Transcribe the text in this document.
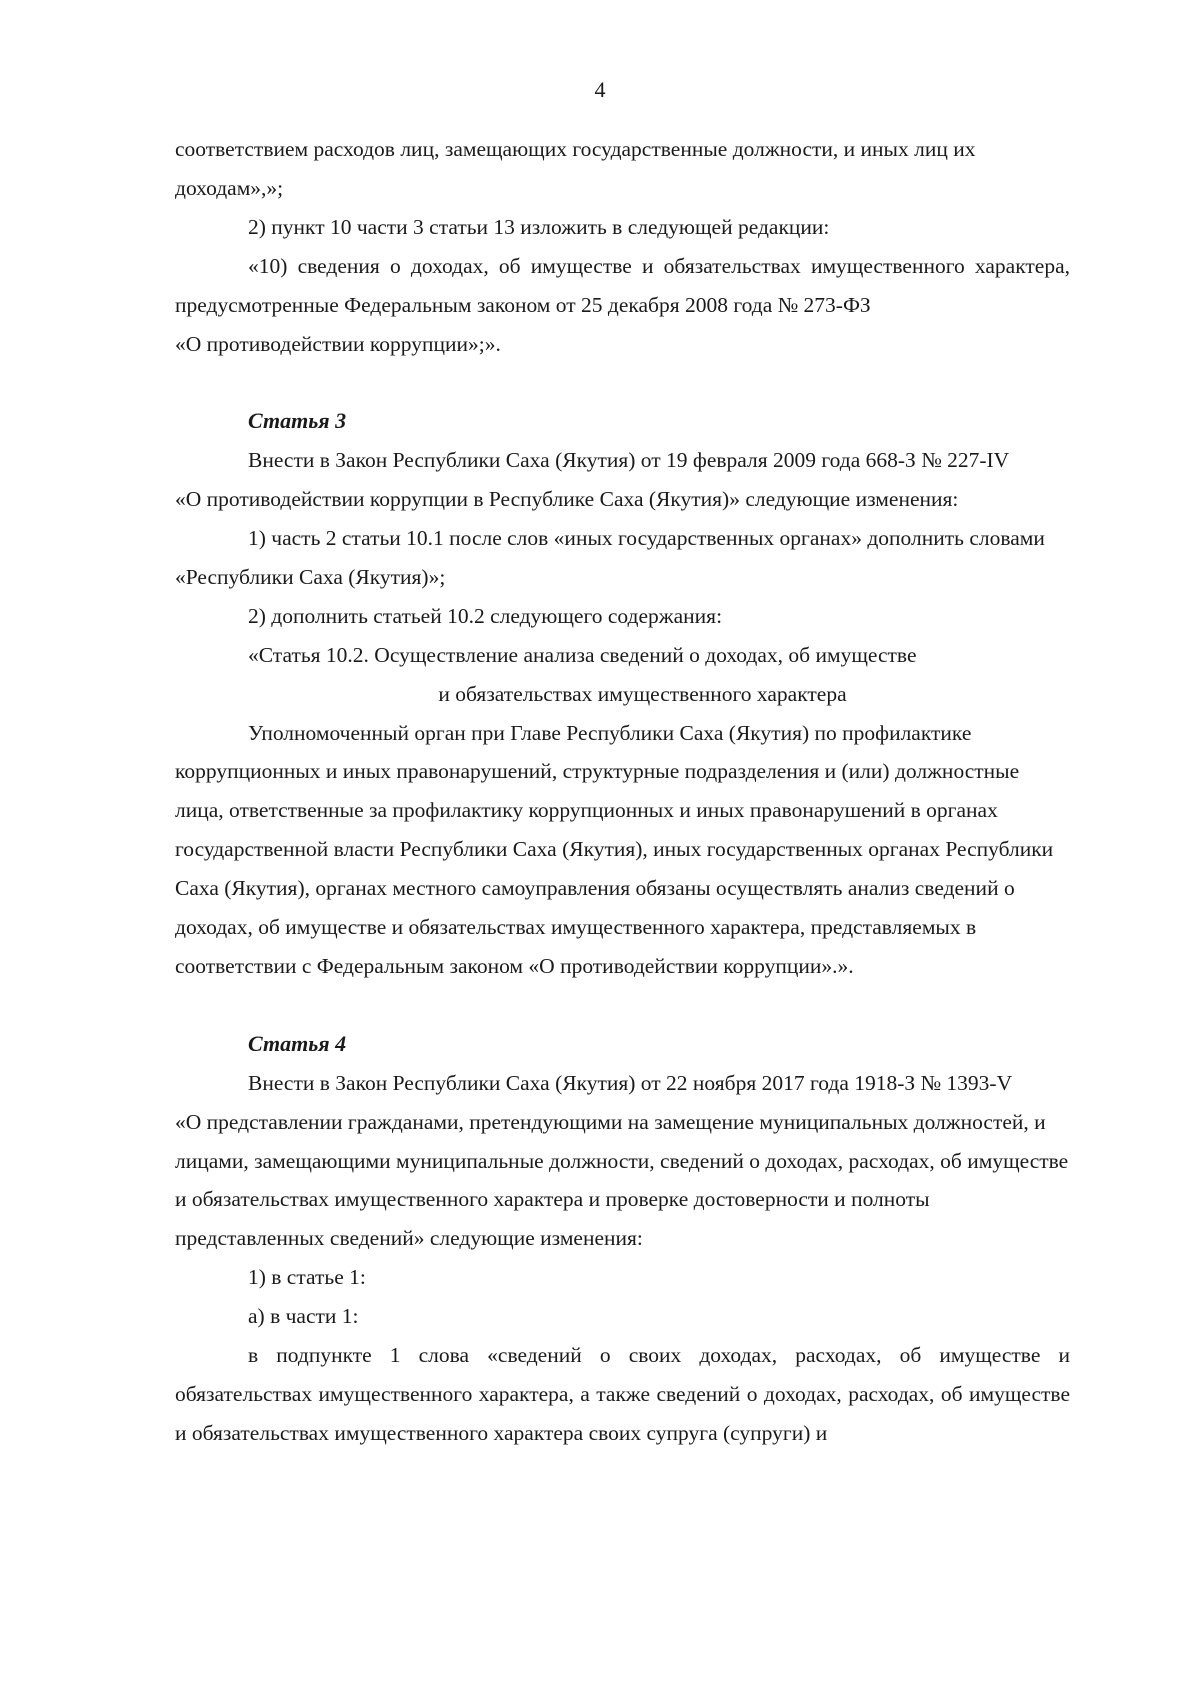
4

соответствием расходов лиц, замещающих государственные должности, и иных лиц их

доходам»,»;

2) пункт 10 части 3 статьи 13 изложить в следующей редакции:

«10) сведения о доходах, об имуществе и обязательствах имущественного характера, предусмотренные Федеральным законом от 25 декабря 2008 года № 273-ФЗ

«О противодействии коррупции»;».

Статья 3

Внести в Закон Республики Саха (Якутия) от 19 февраля 2009 года 668-З № 227-IV

«О противодействии коррупции в Республике Саха (Якутия)» следующие изменения:

1) часть 2 статьи 10.1 после слов «иных государственных органах» дополнить словами «Республики Саха (Якутия)»;

2) дополнить статьей 10.2 следующего содержания:

«Статья 10.2. Осуществление анализа сведений о доходах, об имуществе

и обязательствах имущественного характера

Уполномоченный орган при Главе Республики Саха (Якутия) по профилактике коррупционных и иных правонарушений, структурные подразделения и (или) должностные лица, ответственные за профилактику коррупционных и иных правонарушений в органах государственной власти Республики Саха (Якутия), иных государственных органах Республики Саха (Якутия), органах местного самоуправления обязаны осуществлять анализ сведений о доходах, об имуществе и обязательствах имущественного характера, представляемых в соответствии с Федеральным законом «О противодействии коррупции».».

Статья 4

Внести в Закон Республики Саха (Якутия) от 22 ноября 2017 года 1918-З № 1393-V

«О представлении гражданами, претендующими на замещение муниципальных должностей, и лицами, замещающими муниципальные должности, сведений о доходах, расходах, об имуществе и обязательствах имущественного характера и проверке достоверности и полноты представленных сведений» следующие изменения:

1) в статье 1:

а) в части 1:

в подпункте 1 слова «сведений о своих доходах, расходах, об имуществе и обязательствах имущественного характера, а также сведений о доходах, расходах, об имуществе и обязательствах имущественного характера своих супруга (супруги) и
